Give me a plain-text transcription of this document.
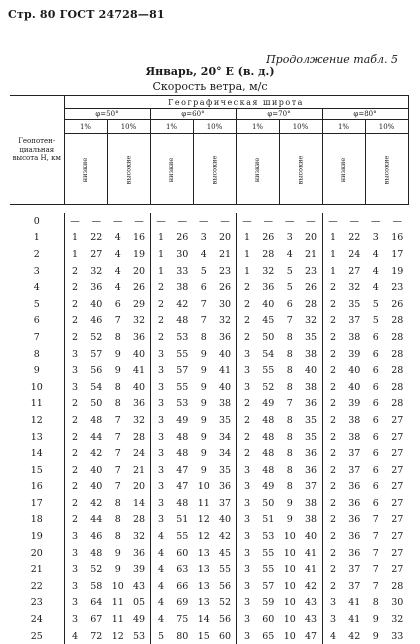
Стр. 80 ГОСТ 24728—81
Продолжение табл. 5
Январь, 20° Е (в. д.)
Скорость ветра, м/с
Геопотен-циальная высота H, км	Географическая широта															
	φ=50°				φ=60°				φ=70°				φ=80°			
	1%		10%		1%		10%		1%		10%		1%		10%	
	низкие		высокие		низкие		высокие		низкие		высокие		низкие		высокие	

0	—	—	—	—	—	—	—	—	—	—	—	—	—	—	—	—
1	1	22	4	16	1	26	3	20	1	26	3	20	1	22	3	16
2	1	27	4	19	1	30	4	21	1	28	4	21	1	24	4	17
3	2	32	4	20	1	33	5	23	1	32	5	23	1	27	4	19
4	2	36	4	26	2	38	6	26	2	36	5	26	2	32	4	23
5	2	40	6	29	2	42	7	30	2	40	6	28	2	35	5	26
6	2	46	7	32	2	48	7	32	2	45	7	32	2	37	5	28
7	2	52	8	36	2	53	8	36	2	50	8	35	2	38	6	28
8	3	57	9	40	3	55	9	40	3	54	8	38	2	39	6	28
9	3	56	9	41	3	57	9	41	3	55	8	40	2	40	6	28
10	3	54	8	40	3	55	9	40	3	52	8	38	2	40	6	28
11	2	50	8	36	3	53	9	38	2	49	7	36	2	39	6	28
12	2	48	7	32	3	49	9	35	2	48	8	35	2	38	6	27
13	2	44	7	28	3	48	9	34	2	48	8	35	2	38	6	27
14	2	42	7	24	3	48	9	34	2	48	8	36	2	37	6	27
15	2	40	7	21	3	47	9	35	3	48	8	36	2	37	6	27
16	2	40	7	20	3	47	10	36	3	49	8	37	2	36	6	27
17	2	42	8	14	3	48	11	37	3	50	9	38	2	36	6	27
18	2	44	8	28	3	51	12	40	3	51	9	38	2	36	7	27
19	3	46	8	32	4	55	12	42	3	53	10	40	2	36	7	27
20	3	48	9	36	4	60	13	45	3	55	10	41	2	36	7	27
21	3	52	9	39	4	63	13	55	3	55	10	41	2	37	7	27
22	3	58	10	43	4	66	13	56	3	57	10	42	2	37	7	28
23	3	64	11	05	4	69	13	52	3	59	10	43	3	41	8	30
24	3	67	11	49	4	75	14	56	3	60	10	43	3	41	9	32
25	4	72	12	53	5	80	15	60	3	65	10	47	4	42	9	33
